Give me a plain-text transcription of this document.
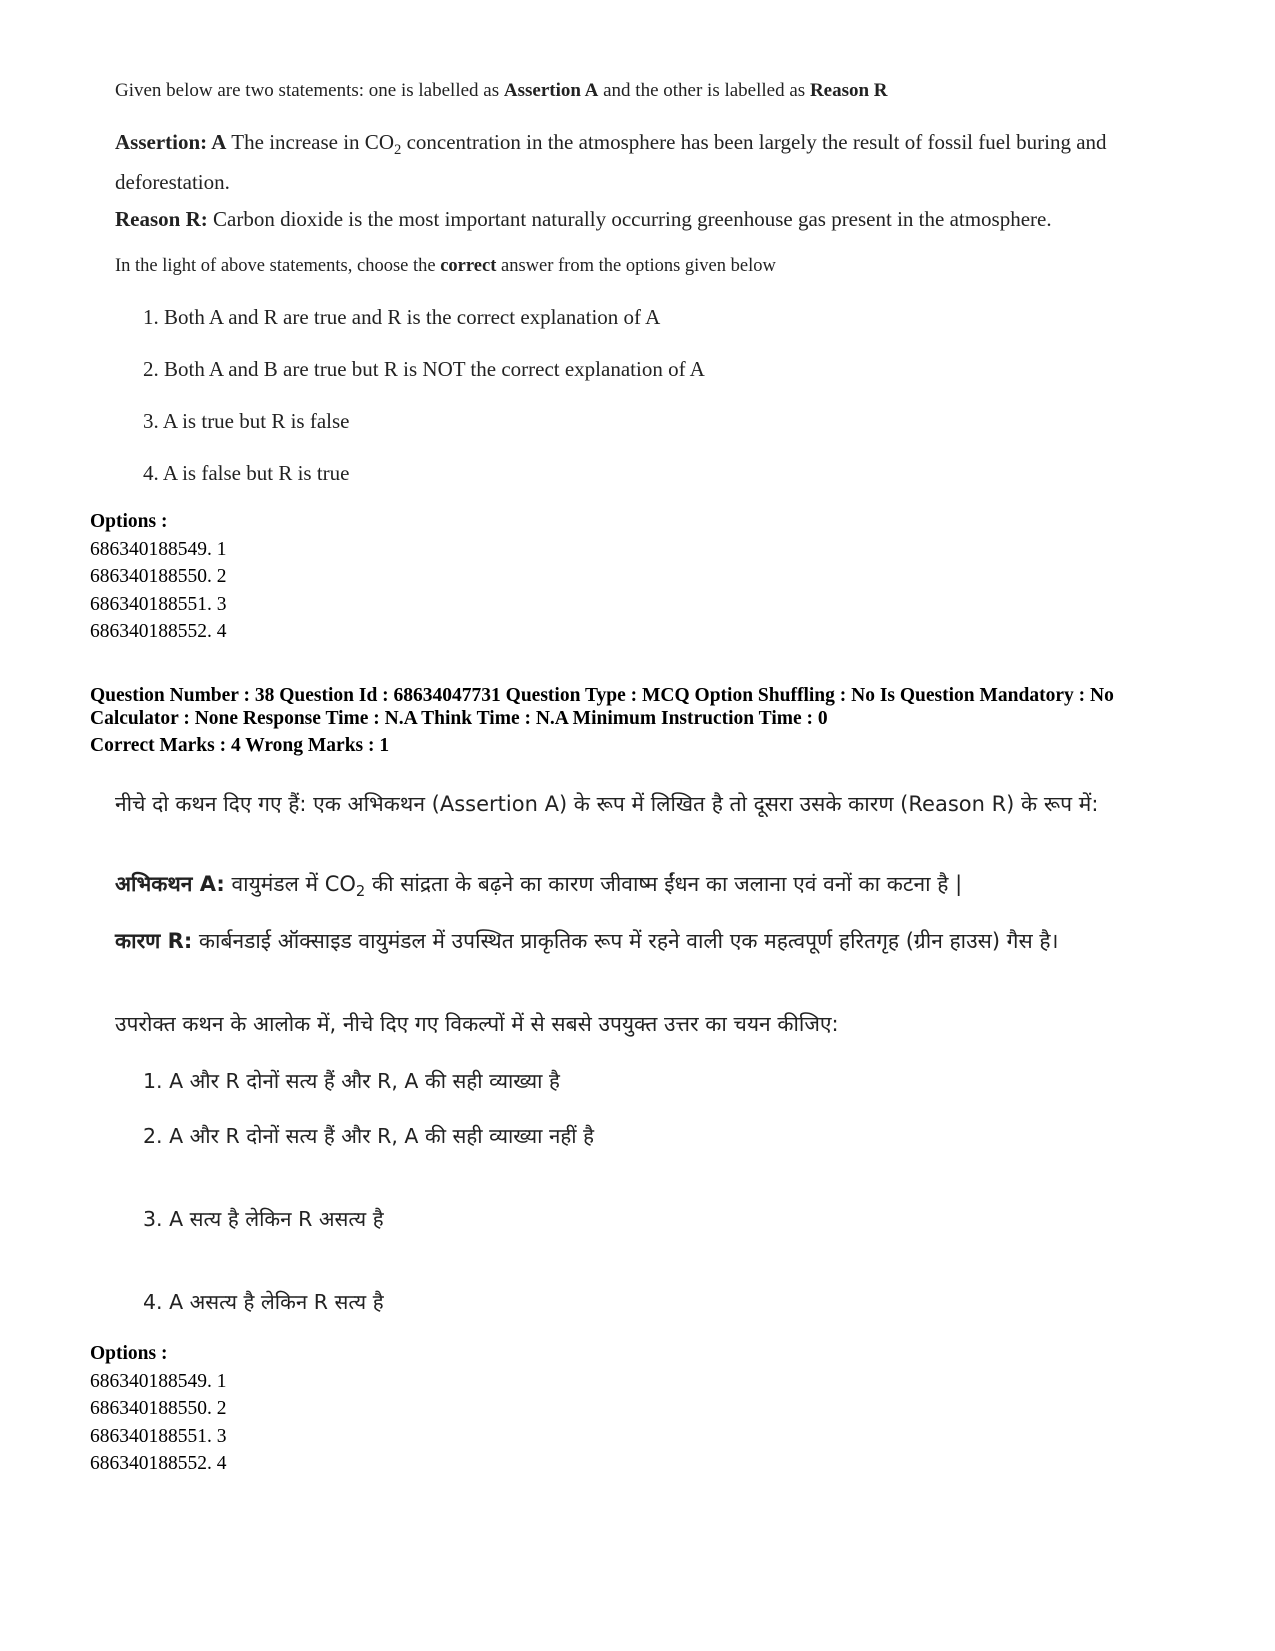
Given below are two statements: one is labelled as Assertion A and the other is labelled as Reason R

Assertion: A The increase in $CO_2$ concentration in the atmosphere has been largely the result of fossil fuel buring and deforestation.

Reason R: Carbon dioxide is the most important naturally occurring greenhouse gas present in the atmosphere.

In the light of above statements, choose the correct answer from the options given below

1. Both A and R are true and R is the correct explanation of A
2. Both A and B are true but R is NOT the correct explanation of A
3. A is true but R is false
4. A is false but R is true
Options :
686340188549. 1
686340188550. 2
686340188551. 3
686340188552. 4
Question Number : 38 Question Id : 68634047731 Question Type : MCQ Option Shuffling : No Is Question Mandatory : No Calculator : None Response Time : N.A Think Time : N.A Minimum Instruction Time : 0
Correct Marks : 4 Wrong Marks : 1

नीचे दो कथन दिए गए हैं: एक अभिकथन (Assertion A) के रूप में लिखित है तो दूसरा उसके कारण (Reason R) के रूप में:

अभिकथन A: वायुमंडल में $CO_2$ की सांद्रता के बढ़ने का कारण जीवाष्म ईंधन का जलाना एवं वनों का कटना है |

कारण R: कार्बनडाई ऑक्साइड वायुमंडल में उपस्थित प्राकृतिक रूप में रहने वाली एक महत्वपूर्ण हरितगृह (ग्रीन हाउस) गैस है।

उपरोक्त कथन के आलोक में, नीचे दिए गए विकल्पों में से सबसे उपयुक्त उत्तर का चयन कीजिए:

1. A और R दोनों सत्य हैं और R, A की सही व्याख्या है
2. A और R दोनों सत्य हैं और R, A की सही व्याख्या नहीं है
3. A सत्य है लेकिन R असत्य है
4. A असत्य है लेकिन R सत्य है
Options :
686340188549. 1
686340188550. 2
686340188551. 3
686340188552. 4
